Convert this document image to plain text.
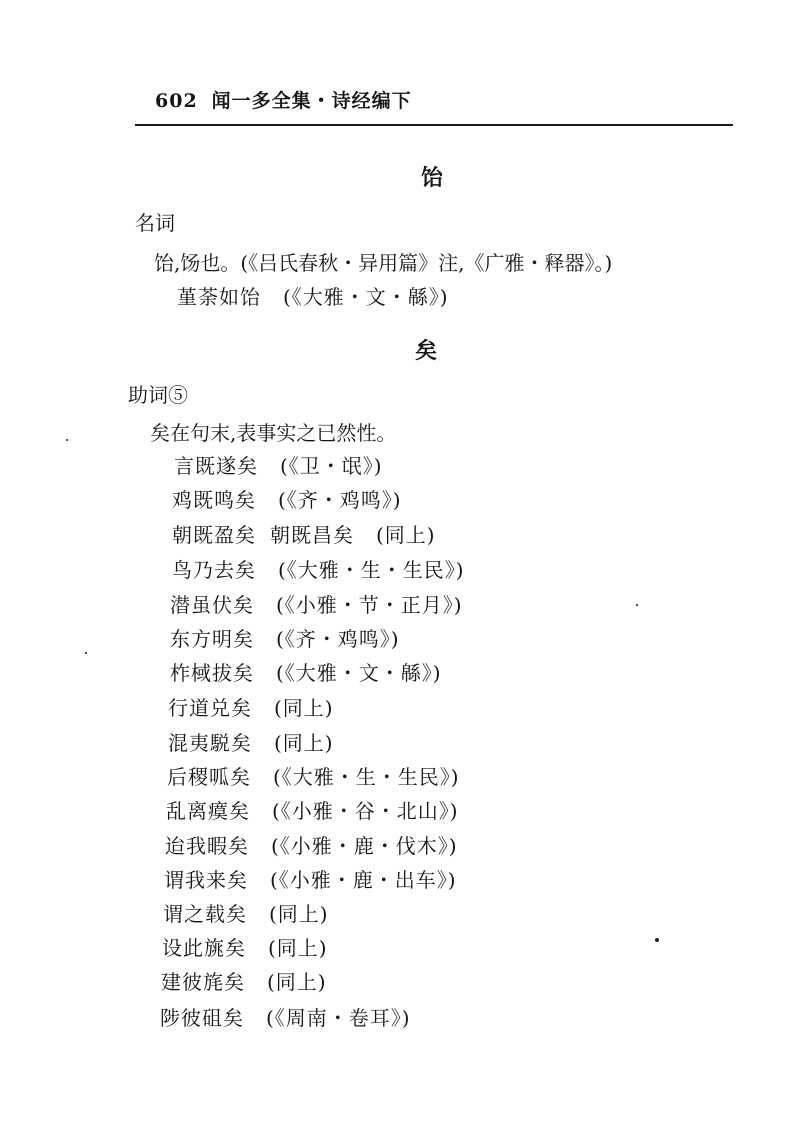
602 闻一多全集・诗经编下
饴
名词
饴,饧也。(《吕氏春秋・异用篇》注,《广雅・释器》。)
堇荼如饴 (《大雅・文・緜》)
矣
助词⑤
矣在句末,表事实之已然性。
言既遂矣 (《卫・氓》)
鸡既鸣矣 (《齐・鸡鸣》)
朝既盈矣 朝既昌矣 (同上)
鸟乃去矣 (《大雅・生・生民》)
潜虽伏矣 (《小雅・节・正月》)
东方明矣 (《齐・鸡鸣》)
柞棫拔矣 (《大雅・文・緜》)
行道兑矣 (同上)
混夷駾矣 (同上)
后稷呱矣 (《大雅・生・生民》)
乱离瘼矣 (《小雅・谷・北山》)
迨我暇矣 (《小雅・鹿・伐木》)
谓我来矣 (《小雅・鹿・出车》)
谓之载矣 (同上)
设此旐矣 (同上)
建彼旄矣 (同上)
陟彼砠矣 (《周南・卷耳》)
